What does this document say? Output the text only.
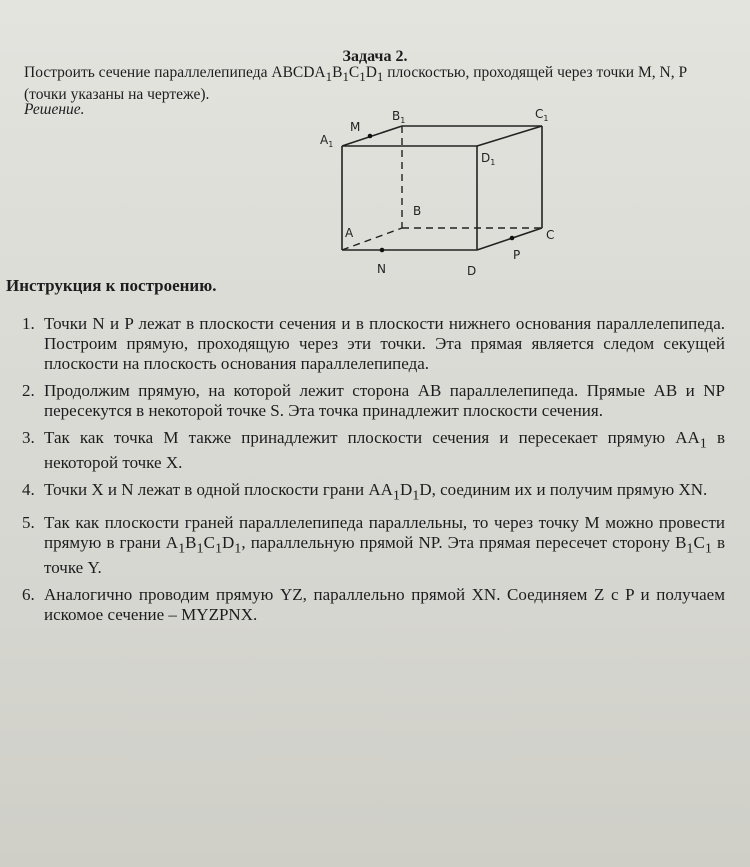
Задача 2.
Построить сечение параллелепипеда $ABCDA_1B_1C_1D_1$ плоскостью, проходящей через точки M, N, P (точки указаны на чертеже).
Решение.
$A_1$
$B_1$	$C_1$
$D_1$
M
A
B
C
D
N
P
Инструкция к построению.
1. Точки N и P лежат в плоскости сечения и в плоскости нижнего основания параллелепипеда. Построим прямую, проходящую через эти точки. Эта прямая является следом секущей плоскости на плоскость основания параллелепипеда.
2. Продолжим прямую, на которой лежит сторона AB параллелепипеда. Прямые AB и NP пересекутся в некоторой точке S. Эта точка принадлежит плоскости сечения.
3. Так как точка M также принадлежит плоскости сечения и пересекает прямую $AA_1$ в некоторой точке X.
4. Точки X и N лежат в одной плоскости грани $AA_1D_1D$, соединим их и получим прямую XN.
5. Так как плоскости граней параллелепипеда параллельны, то через точку M можно провести прямую в грани $A_1B_1C_1D_1$, параллельную прямой NP. Эта прямая пересечет сторону $B_1C_1$ в точке Y.
6. Аналогично проводим прямую YZ, параллельно прямой XN. Соединяем Z с P и получаем искомое сечение – MYZPNX.
